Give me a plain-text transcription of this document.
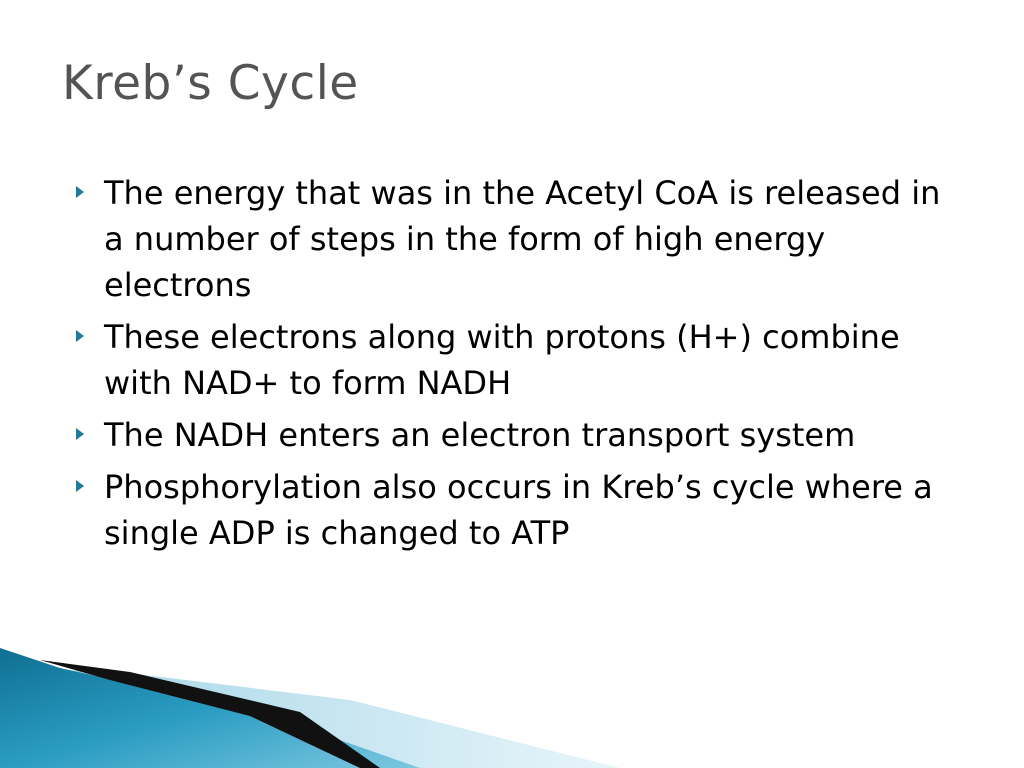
Kreb’s Cycle
The energy that was in the Acetyl CoA is released in a number of steps in the form of high energy electrons
These electrons along with protons (H+) combine with NAD+ to form NADH
The NADH enters an electron transport system
Phosphorylation also occurs in Kreb’s cycle where a single ADP is changed to ATP
